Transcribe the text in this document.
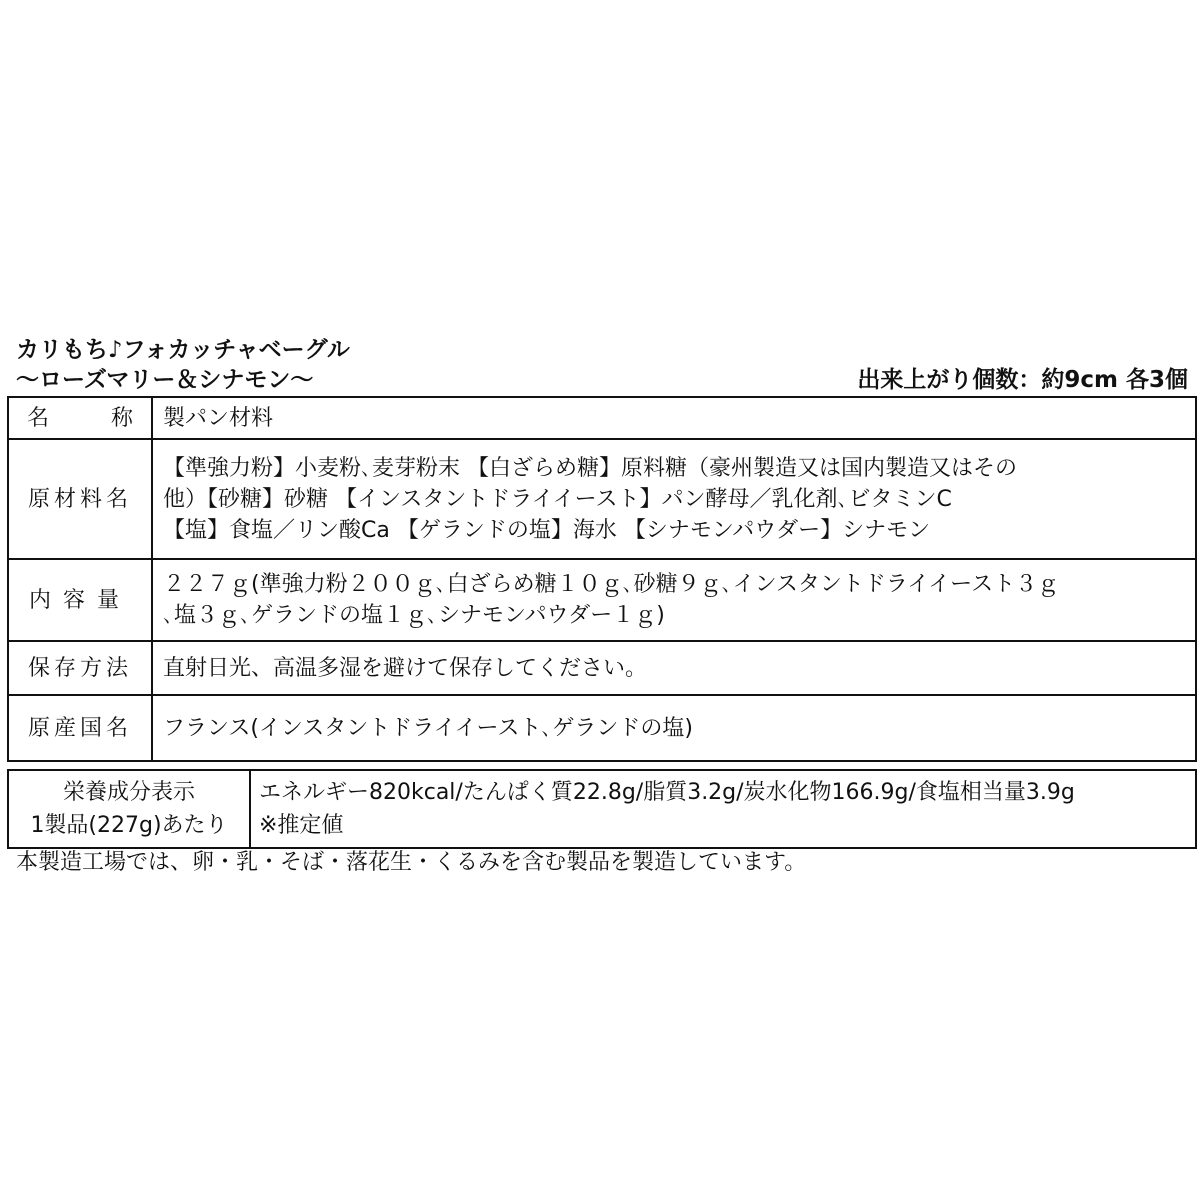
カリもち♪フォカッチャベーグル
〜ローズマリー＆シナモン〜	出来上がり個数：約9cm 各3個
名 称	製パン材料
原材料名	【準強力粉】小麦粉､麦芽粉末 【白ざらめ糖】原料糖（豪州製造又は国内製造又はその
他）【砂糖】砂糖 【インスタントドライイースト】パン酵母／乳化剤､ビタミンC
【塩】食塩／リン酸Ca 【ゲランドの塩】海水 【シナモンパウダー】シナモン

内容量	２２７ｇ(準強力粉２００ｇ､白ざらめ糖１０ｇ､砂糖９ｇ､インスタントドライイースト３ｇ
､塩３ｇ､ゲランドの塩１ｇ､シナモンパウダー１ｇ)

保存方法	直射日光、高温多湿を避けて保存してください。
原産国名	フランス(インスタントドライイースト､ゲランドの塩)
栄養成分表示
1製品(227g)あたり

エネルギー820kcal/たんぱく質22.8g/脂質3.2g/炭水化物166.9g/食塩相当量3.9g
※推定値
本製造工場では、卵・乳・そば・落花生・くるみを含む製品を製造しています。
